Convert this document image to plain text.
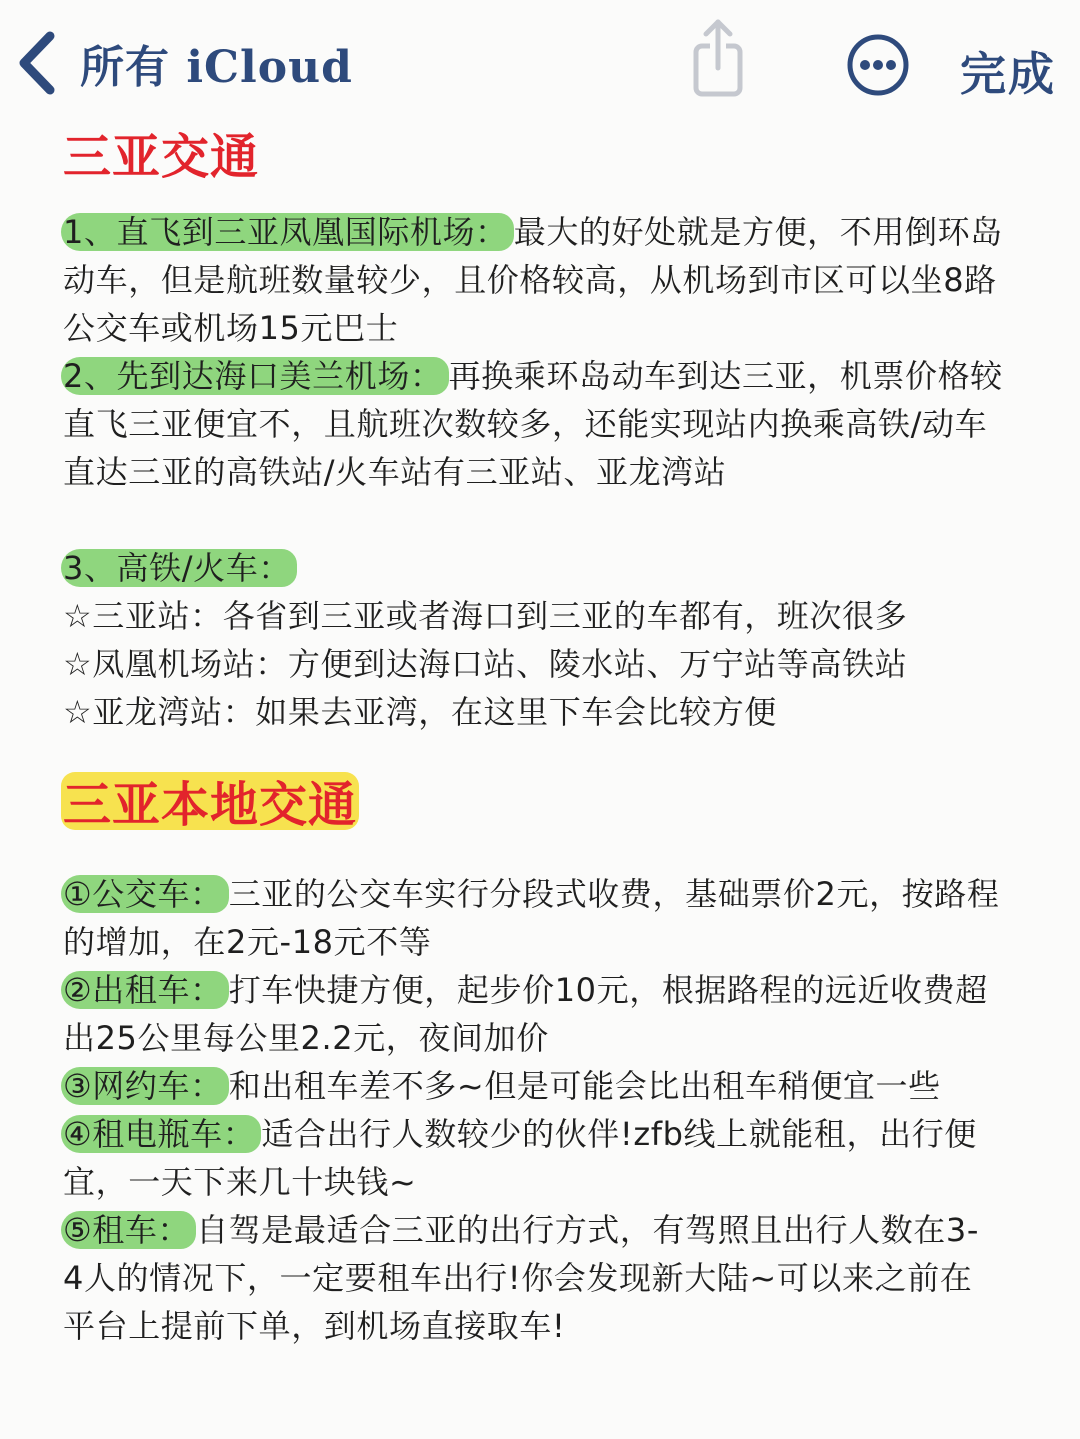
所有 iCloud	完成
三亚交通
1、直飞到三亚凤凰国际机场： 最大的好处就是方便，不用倒环岛
动车，但是航班数量较少，且价格较高，从机场到市区可以坐8路
公交车或机场15元巴士
2、先到达海口美兰机场： 再换乘环岛动车到达三亚，机票价格较
直飞三亚便宜不，且航班次数较多，还能实现站内换乘高铁/动车
直达三亚的高铁站/火车站有三亚站、亚龙湾站
3、高铁/火车：
☆三亚站：各省到三亚或者海口到三亚的车都有，班次很多
☆凤凰机场站：方便到达海口站、陵水站、万宁站等高铁站
☆亚龙湾站：如果去亚湾，在这里下车会比较方便
三亚本地交通
①公交车： 三亚的公交车实行分段式收费，基础票价2元，按路程
的增加，在2元-18元不等
②出租车： 打车快捷方便，起步价10元，根据路程的远近收费超
出25公里每公里2.2元，夜间加价
③网约车： 和出租车差不多~但是可能会比出租车稍便宜一些
④租电瓶车： 适合出行人数较少的伙伴!zfb线上就能租，出行便
宜，一天下来几十块钱~
⑤租车： 自驾是最适合三亚的出行方式，有驾照且出行人数在3-
4人的情况下，一定要租车出行!你会发现新大陆~可以来之前在
平台上提前下单，到机场直接取车!
